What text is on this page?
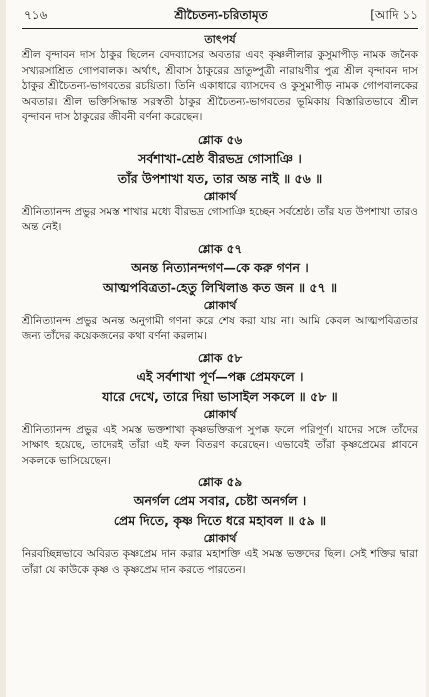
৭১৬	শ্রীচৈতন্য-চরিতামৃত	[আদি ১১
তাৎপর্য
শ্রীল বৃন্দাবন দাস ঠাকুর ছিলেন বেদব্যাসের অবতার এবং কৃষ্ণলীলার কুসুমাপীড় নামক জনৈক সখ্যরসাশ্রিত গোপবালক। অর্থাৎ, শ্রীবাস ঠাকুরের ভ্রাতুষ্পুত্রী নারায়ণীর পুত্র শ্রীল বৃন্দাবন দাস ঠাকুর শ্রীচৈতন্য-ভাগবতের রচয়িতা। তিনি একাধারে ব্যাসদেব ও কুসুমাপীড় নামক গোপবালকের অবতার। শ্রীল ভক্তিসিদ্ধান্ত সরস্বতী ঠাকুর শ্রীচৈতন্য-ভাগবতের ভূমিকায় বিস্তারিতভাবে শ্রীল বৃন্দাবন দাস ঠাকুরের জীবনী বর্ণনা করেছেন।
শ্লোক ৫৬
সর্বশাখা-শ্রেষ্ঠ বীরভদ্র গোসাঞি ।
তাঁর উপশাখা যত, তার অন্ত নাই ॥ ৫৬ ॥
শ্লোকার্থ
শ্রীনিত্যানন্দ প্রভুর সমস্ত শাখার মধ্যে বীরভদ্র গোসাঞি হচ্ছেন সর্বশ্রেষ্ঠ। তাঁর যত উপশাখা তারও অন্ত নেই।
শ্লোক ৫৭
অনন্ত নিত্যানন্দগণ—কে করু গণন ।
আত্মপবিত্রতা-হেতু লিখিলাঙ কত জন ॥ ৫৭ ॥
শ্লোকার্থ
শ্রীনিত্যানন্দ প্রভুর অনন্ত অনুগামী গণনা করে শেষ করা যায় না। আমি কেবল আত্মপবিত্রতার জন্য তাঁদের কয়েকজনের কথা বর্ণনা করলাম।
শ্লোক ৫৮
এই সর্বশাখা পূর্ণ—পক্ক প্রেমফলে ।
যারে দেখে, তারে দিয়া ভাসাইল সকলে ॥ ৫৮ ॥
শ্লোকার্থ
শ্রীনিত্যানন্দ প্রভুর এই সমস্ত ভক্তশাখা কৃষ্ণভক্তিরূপ সুপক্ক ফলে পরিপূর্ণ। যাদের সঙ্গে তাঁদের সাক্ষাৎ হয়েছে, তাদেরই তাঁরা এই ফল বিতরণ করেছেন। এভাবেই তাঁরা কৃষ্ণপ্রেমের প্লাবনে সকলকে ভাসিয়েছেন।
শ্লোক ৫৯
অনর্গল প্রেম সবার, চেষ্টা অনর্গল ।
প্রেম দিতে, কৃষ্ণ দিতে ধরে মহাবল ॥ ৫৯ ॥
শ্লোকার্থ
নিরবচ্ছিন্নভাবে অবিরত কৃষ্ণপ্রেম দান করার মহাশক্তি এই সমস্ত ভক্তদের ছিল। সেই শক্তির দ্বারা তাঁরা যে কাউকে কৃষ্ণ ও কৃষ্ণপ্রেম দান করতে পারতেন।
